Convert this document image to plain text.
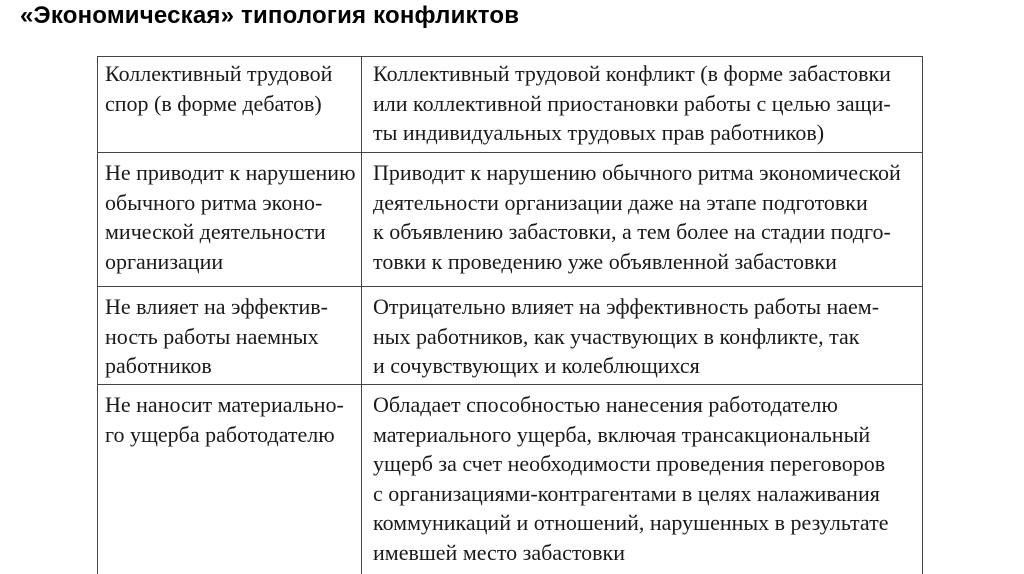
«Экономическая» типология конфликтов
Коллективный трудовой
спор (в форме дебатов)
Коллективный трудовой конфликт (в форме забастовки
или коллективной приостановки работы с целью защи-
ты индивидуальных трудовых прав работников)
Не приводит к нарушению
обычного ритма эконо-
мической деятельности
организации
Приводит к нарушению обычного ритма экономической
деятельности организации даже на этапе подготовки
к объявлению забастовки, а тем более на стадии подго-
товки к проведению уже объявленной забастовки
Не влияет на эффектив-
ность работы наемных
работников
Отрицательно влияет на эффективность работы наем-
ных работников, как участвующих в конфликте, так
и сочувствующих и колеблющихся
Не наносит материально-
го ущерба работодателю
Обладает способностью нанесения работодателю
материального ущерба, включая трансакциональный
ущерб за счет необходимости проведения переговоров
с организациями-контрагентами в целях налаживания
коммуникаций и отношений, нарушенных в результате
имевшей место забастовки
